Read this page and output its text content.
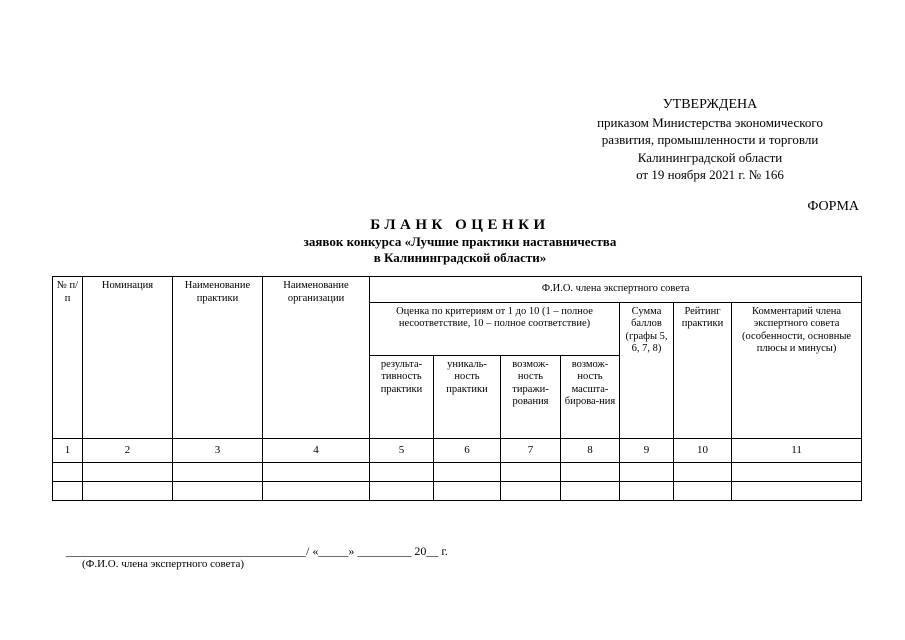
УТВЕРЖДЕНА
приказом Министерства экономического
развития, промышленности и торговли
Калининградской области
от 19 ноября 2021 г. № 166
ФОРМА
БЛАНК ОЦЕНКИ
заявок конкурса «Лучшие практики наставничества
в Калининградской области»
№ п/п	Номинация	Наименование практики	Наименование организации	Ф.И.О. члена экспертного совета						
				Оценка по критериям от 1 до 10 (1 – полное несоответствие, 10 – полное соответствие)				Сумма баллов (графы 5, 6, 7, 8)	Рейтинг практики	Комментарий члена экспертного совета (особенности, основные плюсы и минусы)
				результа-тивность практики	уникаль-ность практики	возмож-ность тиражи-рования	возмож-ность масшта-бирова-ния			
1	2	3	4	5	6	7	8	9	10	11

________________________________________/ «_____» _________ 20__ г.
(Ф.И.О. члена экспертного совета)
